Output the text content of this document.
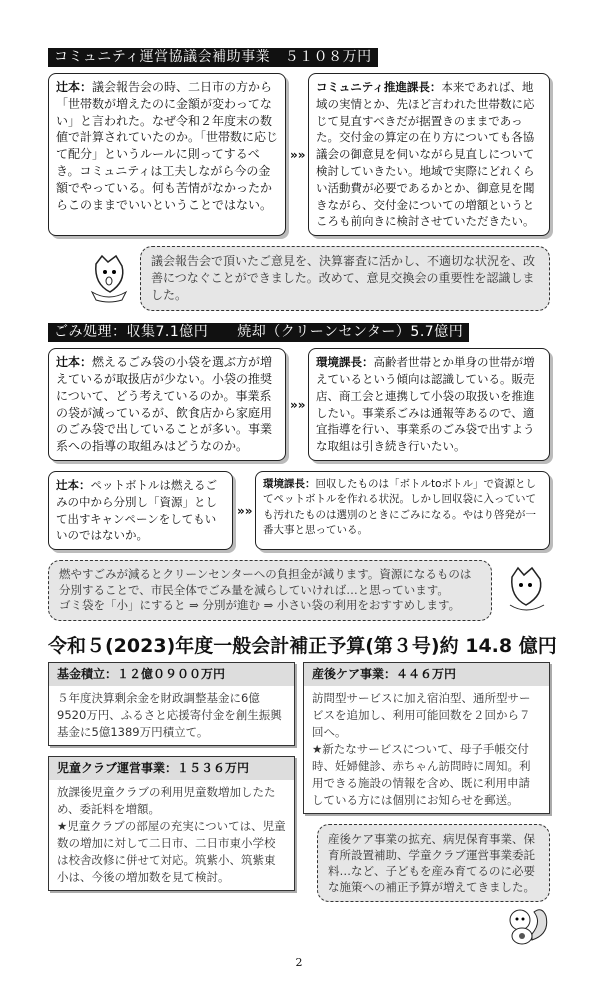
コミュニティ運営協議会補助事業　５１０８万円
辻本：議会報告会の時、二日市の方から「世帯数が増えたのに金額が変わってない」と言われた。なぜ令和２年度末の数値で計算されていたのか。「世帯数に応じて配分」というルールに則ってするべき。コミュニティは工夫しながら今の金額でやっている。何も苦情がなかったからこのままでいいということではない。
»»
コミュニティ推進課長：本来であれば、地域の実情とか、先ほど言われた世帯数に応じて見直すべきだが据置きのままであった。交付金の算定の在り方についても各協議会の御意見を伺いながら見直しについて検討していきたい。地域で実際にどれくらい活動費が必要であるかとか、御意見を聞きながら、交付金についての増額というところも前向きに検討させていただきたい。
議会報告会で頂いたご意見を、決算審査に活かし、不適切な状況を、改善につなぐことができました。改めて、意見交換会の重要性を認識しました。
ごみ処理：収集7.1億円　　焼却（クリーンセンター）5.7億円
辻本：燃えるごみ袋の小袋を選ぶ方が増えているが取扱店が少ない。小袋の推奨について、どう考えているのか。事業系の袋が減っているが、飲食店から家庭用のごみ袋で出していることが多い。事業系への指導の取組みはどうなのか。
»»
環境課長：高齢者世帯とか単身の世帯が増えているという傾向は認識している。販売店、商工会と連携して小袋の取扱いを推進したい。事業系ごみは通報等あるので、適宜指導を行い、事業系のごみ袋で出すような取組は引き続き行いたい。
辻本：ペットボトルは燃えるごみの中から分別し「資源」として出すキャンペーンをしてもいいのではないか。
»»
環境課長：回収したものは「ボトルtoボトル」で資源としてペットボトルを作れる状況。しかし回収袋に入っていても汚れたものは選別のときにごみになる。やはり啓発が一番大事と思っている。
燃やすごみが減るとクリーンセンターへの負担金が減ります。資源になるものは分別することで、市民全体でごみ量を減らしていければ…と思っています。
ゴミ袋を「小」にすると ⇒ 分別が進む ⇒ 小さい袋の利用をおすすめします。
令和５(2023)年度一般会計補正予算(第３号)約 14.8 億円
基金積立：１２億０９００万円
５年度決算剰余金を財政調整基金に6億9520万円、ふるさと応援寄付金を創生振興基金に5億1389万円積立て。
児童クラブ運営事業：１５３６万円
放課後児童クラブの利用児童数増加したため、委託料を増額。
★児童クラブの部屋の充実については、児童数の増加に対して二日市、二日市東小学校は校舎改修に併せて対応。筑紫小、筑紫東小は、今後の増加数を見て検討。
産後ケア事業：４４６万円
訪問型サービスに加え宿泊型、通所型サービスを追加し、利用可能回数を２回から７回へ。
★新たなサービスについて、母子手帳交付時、妊婦健診、赤ちゃん訪問時に周知。利用できる施設の情報を含め、既に利用申請している方には個別にお知らせを郵送。
産後ケア事業の拡充、病児保育事業、保育所設置補助、学童クラブ運営事業委託料…など、子どもを産み育てるのに必要な施策への補正予算が増えてきました。
2
